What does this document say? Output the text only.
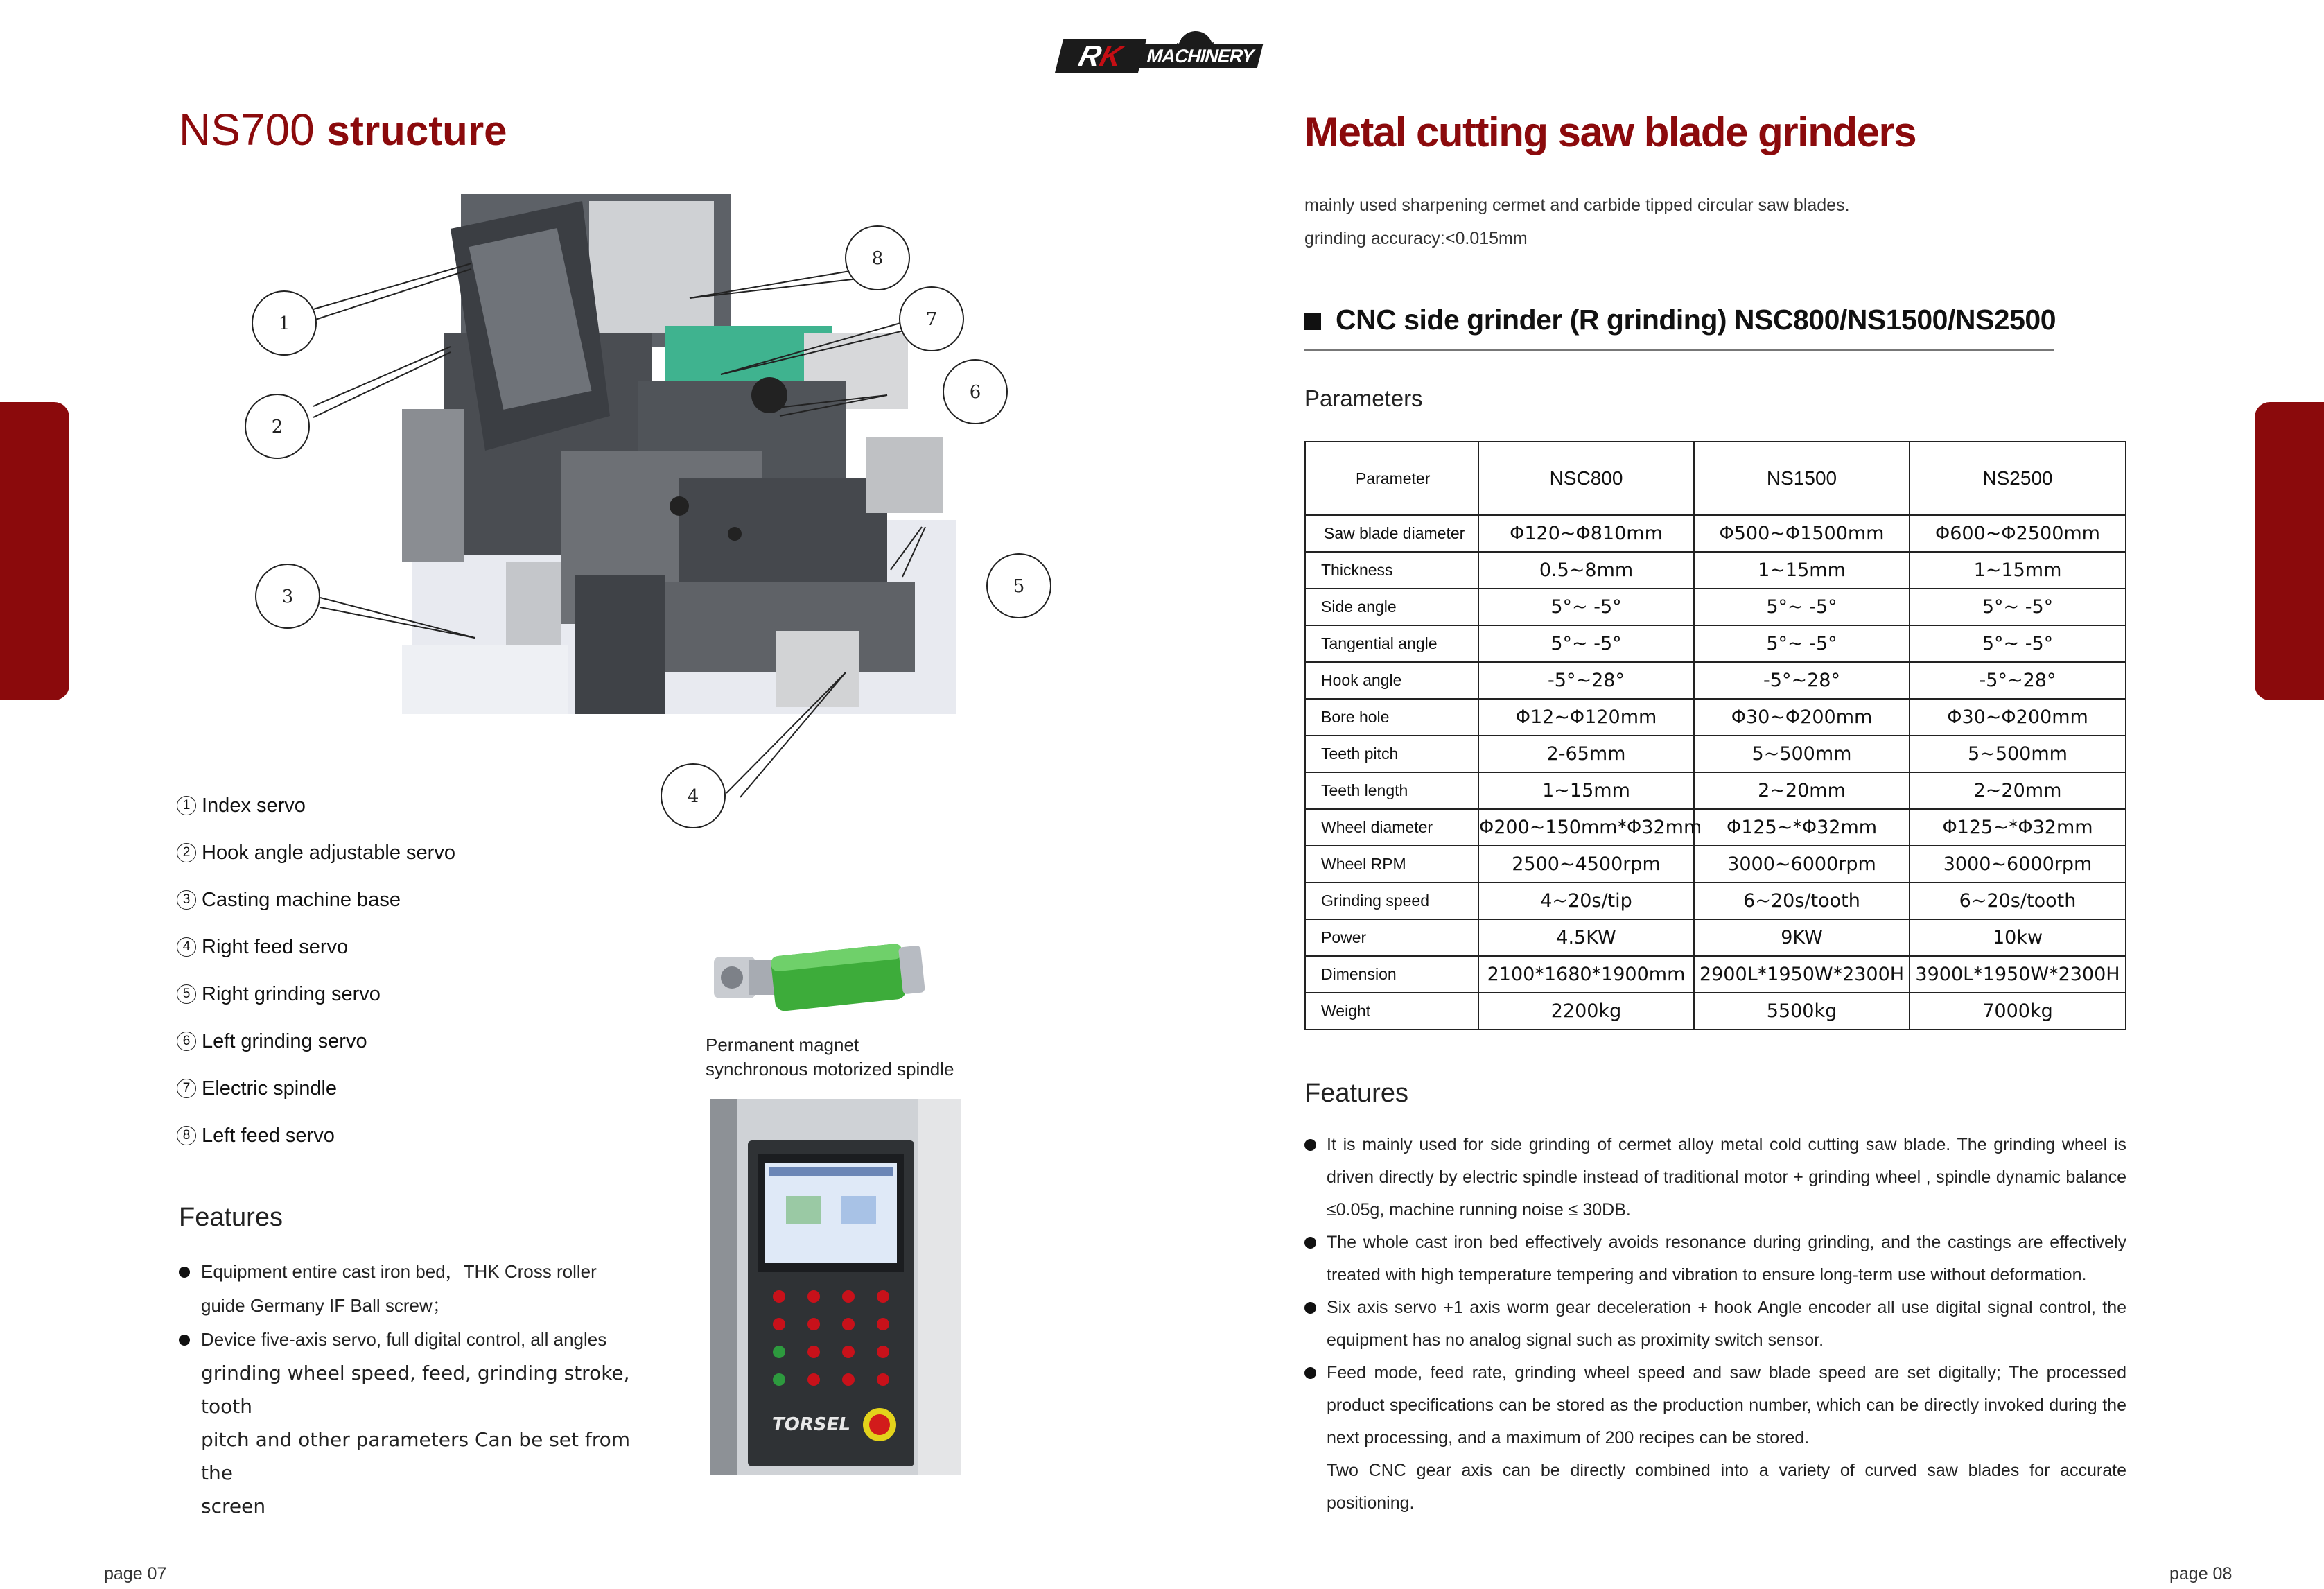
RK	MACHINERY
NS700 structure
1
2
3
4
5
6
7
8
1 Index servo
2 Hook angle adjustable servo
3 Casting machine base
4 Right feed servo
5 Right grinding servo
6 Left grinding servo
7 Electric spindle
8 Left feed servo
Features
Equipment entire cast iron bed，THK Cross roller
guide Germany IF Ball screw；
Device five-axis servo, full digital control, all angles
grinding wheel speed, feed, grinding stroke, tooth
pitch and other parameters Can be set from the
screen
Permanent magnet
synchronous motorized spindle
TORSEL
page 07
Metal cutting saw blade grinders
mainly used sharpening cermet and carbide tipped circular saw blades.
grinding accuracy:<0.015mm
CNC side grinder (R grinding) NSC800/NS1500/NS2500
Parameters
Parameter	NSC800	NS1500	NS2500
Saw blade diameter	Φ120~Φ810mm	Φ500~Φ1500mm	Φ600~Φ2500mm
Thickness	0.5~8mm	1~15mm	1~15mm
Side angle	5°~ -5°	5°~ -5°	5°~ -5°
Tangential angle	5°~ -5°	5°~ -5°	5°~ -5°
Hook angle	-5°~28°	-5°~28°	-5°~28°
Bore hole	Φ12~Φ120mm	Φ30~Φ200mm	Φ30~Φ200mm
Teeth pitch	2-65mm	5~500mm	5~500mm
Teeth length	1~15mm	2~20mm	2~20mm
Wheel diameter	Φ200~150mm*Φ32mm	Φ125~*Φ32mm	Φ125~*Φ32mm
Wheel RPM	2500~4500rpm	3000~6000rpm	3000~6000rpm
Grinding speed	4~20s/tip	6~20s/tooth	6~20s/tooth
Power	4.5KW	9KW	10kw
Dimension	2100*1680*1900mm	2900L*1950W*2300H	3900L*1950W*2300H
Weight	2200kg	5500kg	7000kg
Features
It is mainly used for side grinding of cermet alloy metal cold cutting saw blade. The grinding wheel is driven directly by electric spindle instead of traditional motor + grinding wheel , spindle dynamic balance ≤0.05g, machine running noise ≤ 30DB.
The whole cast iron bed effectively avoids resonance during grinding, and the castings are effectively treated with high temperature tempering and vibration to ensure long-term use without deformation.
Six axis servo +1 axis worm gear deceleration + hook Angle encoder all use digital signal control, the equipment has no analog signal such as proximity switch sensor.
Feed mode, feed rate, grinding wheel speed and saw blade speed are set digitally; The processed product specifications can be stored as the production number, which can be directly invoked during the next processing, and a maximum of 200 recipes can be stored.
Two CNC gear axis can be directly combined into a variety of curved saw blades for accurate positioning.
page 08
